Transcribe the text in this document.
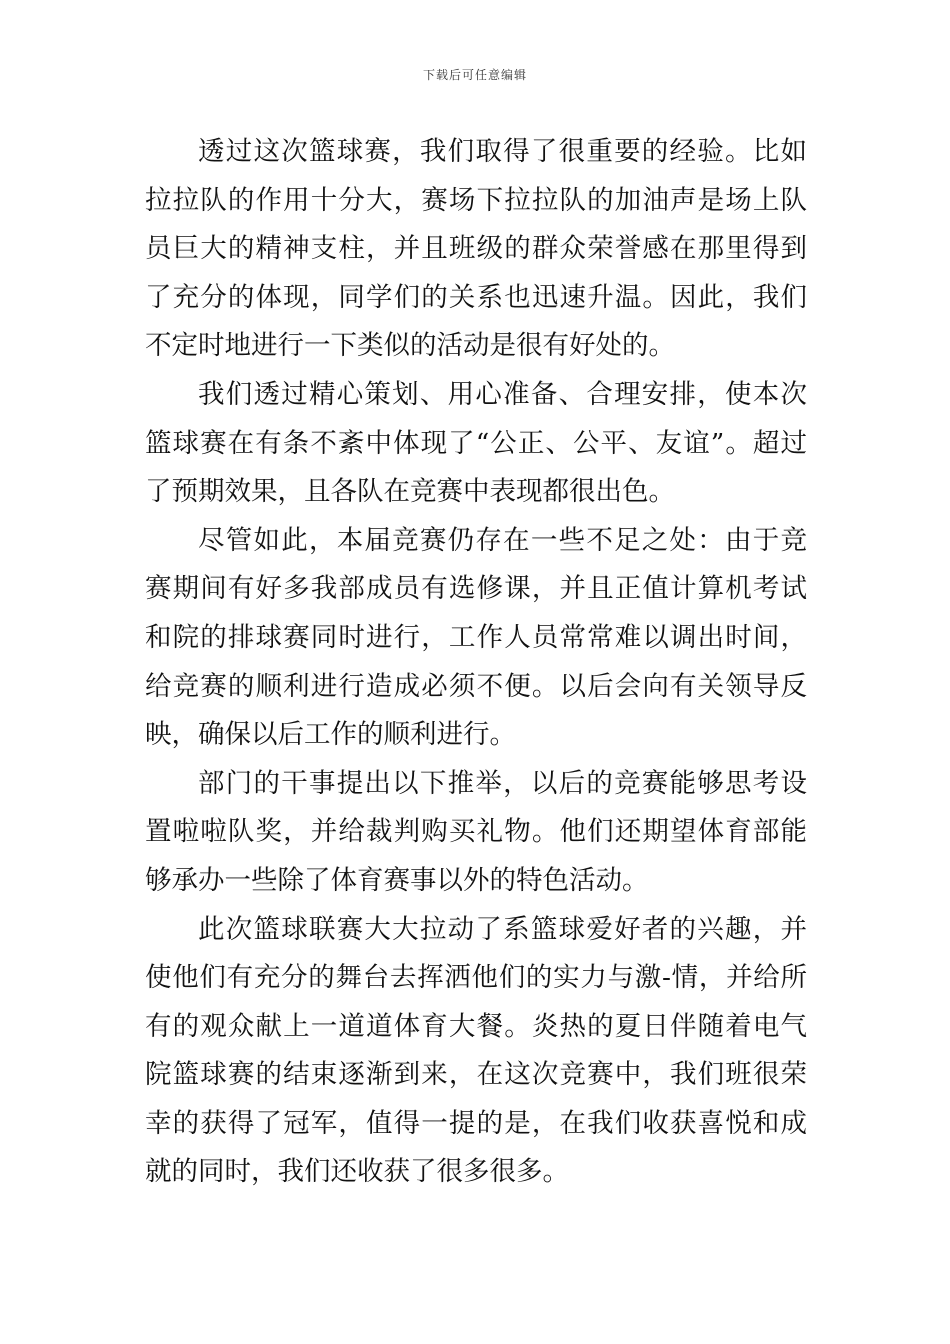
下载后可任意编辑

透过这次篮球赛，我们取得了很重要的经验。比如拉拉队的作用十分大，赛场下拉拉队的加油声是场上队员巨大的精神支柱，并且班级的群众荣誉感在那里得到了充分的体现，同学们的关系也迅速升温。因此，我们不定时地进行一下类似的活动是很有好处的。

我们透过精心策划、用心准备、合理安排，使本次篮球赛在有条不紊中体现了“公正、公平、友谊”。超过了预期效果，且各队在竞赛中表现都很出色。

尽管如此，本届竞赛仍存在一些不足之处：由于竞赛期间有好多我部成员有选修课，并且正值计算机考试和院的排球赛同时进行，工作人员常常难以调出时间，给竞赛的顺利进行造成必须不便。以后会向有关领导反映，确保以后工作的顺利进行。

部门的干事提出以下推举，以后的竞赛能够思考设置啦啦队奖，并给裁判购买礼物。他们还期望体育部能够承办一些除了体育赛事以外的特色活动。

此次篮球联赛大大拉动了系篮球爱好者的兴趣，并使他们有充分的舞台去挥洒他们的实力与激-情，并给所有的观众献上一道道体育大餐。炎热的夏日伴随着电气院篮球赛的结束逐渐到来，在这次竞赛中，我们班很荣幸的获得了冠军，值得一提的是，在我们收获喜悦和成就的同时，我们还收获了很多很多。
